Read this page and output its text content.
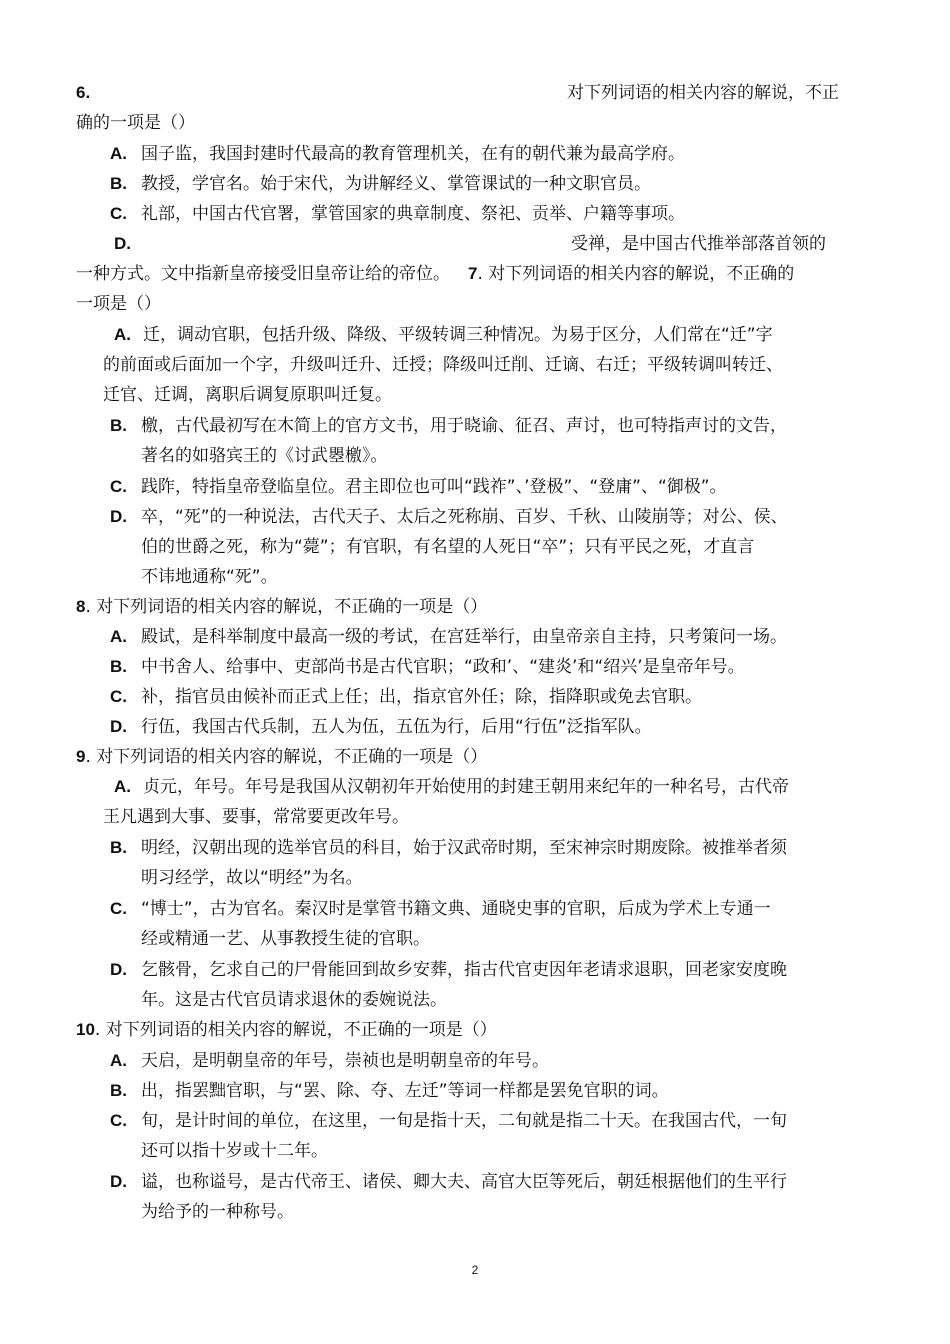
6.	对下列词语的相关内容的解说，不正
确的一项是（）
A. 国子监，我国封建时代最高的教育管理机关，在有的朝代兼为最高学府。
B. 教授，学官名。始于宋代，为讲解经义、掌管课试的一种文职官员。
C. 礼部，中国古代官署，掌管国家的典章制度、祭祀、贡举、户籍等事项。
D.	受禅，是中国古代推举部落首领的
一种方式。文中指新皇帝接受旧皇帝让给的帝位。 7. 对下列词语的相关内容的解说，不正确的
一项是（）
A. 迁，调动官职，包括升级、降级、平级转调三种情况。为易于区分，人们常在“迁”字
的前面或后面加一个字，升级叫迁升、迁授；降级叫迁削、迁谪、右迁；平级转调叫转迁、
迁官、迁调，离职后调复原职叫迁复。
B. 檄，古代最初写在木简上的官方文书，用于晓谕、征召、声讨，也可特指声讨的文告，
著名的如骆宾王的《讨武瞾檄》。
C. 践阼，特指皇帝登临皇位。君主即位也可叫“践祚”、’登极”、“登庸”、“御极”。
D. 卒，“死”的一种说法，古代天子、太后之死称崩、百岁、千秋、山陵崩等；对公、侯、
伯的世爵之死，称为“薨”；有官职，有名望的人死日“卒”；只有平民之死，才直言
不讳地通称“死”。
8. 对下列词语的相关内容的解说，不正确的一项是（）
A. 殿试，是科举制度中最高一级的考试，在宫廷举行，由皇帝亲自主持，只考策问一场。
B. 中书舍人、给事中、吏部尚书是古代官职；“政和’、“建炎’和“绍兴’是皇帝年号。
C. 补，指官员由候补而正式上任；出，指京官外任；除，指降职或免去官职。
D. 行伍，我国古代兵制，五人为伍，五伍为行，后用“行伍”泛指军队。
9. 对下列词语的相关内容的解说，不正确的一项是（）
A. 贞元，年号。年号是我国从汉朝初年开始使用的封建王朝用来纪年的一种名号，古代帝
王凡遇到大事、要事，常常要更改年号。
B. 明经，汉朝出现的选举官员的科目，始于汉武帝时期，至宋神宗时期废除。被推举者须
明习经学，故以“明经”为名。
C. “博士”，古为官名。秦汉时是掌管书籍文典、通晓史事的官职，后成为学术上专通一
经或精通一艺、从事教授生徒的官职。
D. 乞骸骨，乞求自己的尸骨能回到故乡安葬，指古代官吏因年老请求退职，回老家安度晚
年。这是古代官员请求退休的委婉说法。
10. 对下列词语的相关内容的解说，不正确的一项是（）
A. 天启，是明朝皇帝的年号，崇祯也是明朝皇帝的年号。
B. 出，指罢黜官职，与“罢、除、夺、左迁”等词一样都是罢免官职的词。
C. 旬，是计时间的单位，在这里，一旬是指十天，二旬就是指二十天。在我国古代，一旬
还可以指十岁或十二年。
D. 谥，也称谥号，是古代帝王、诸侯、卿大夫、高官大臣等死后，朝廷根据他们的生平行
为给予的一种称号。
2
